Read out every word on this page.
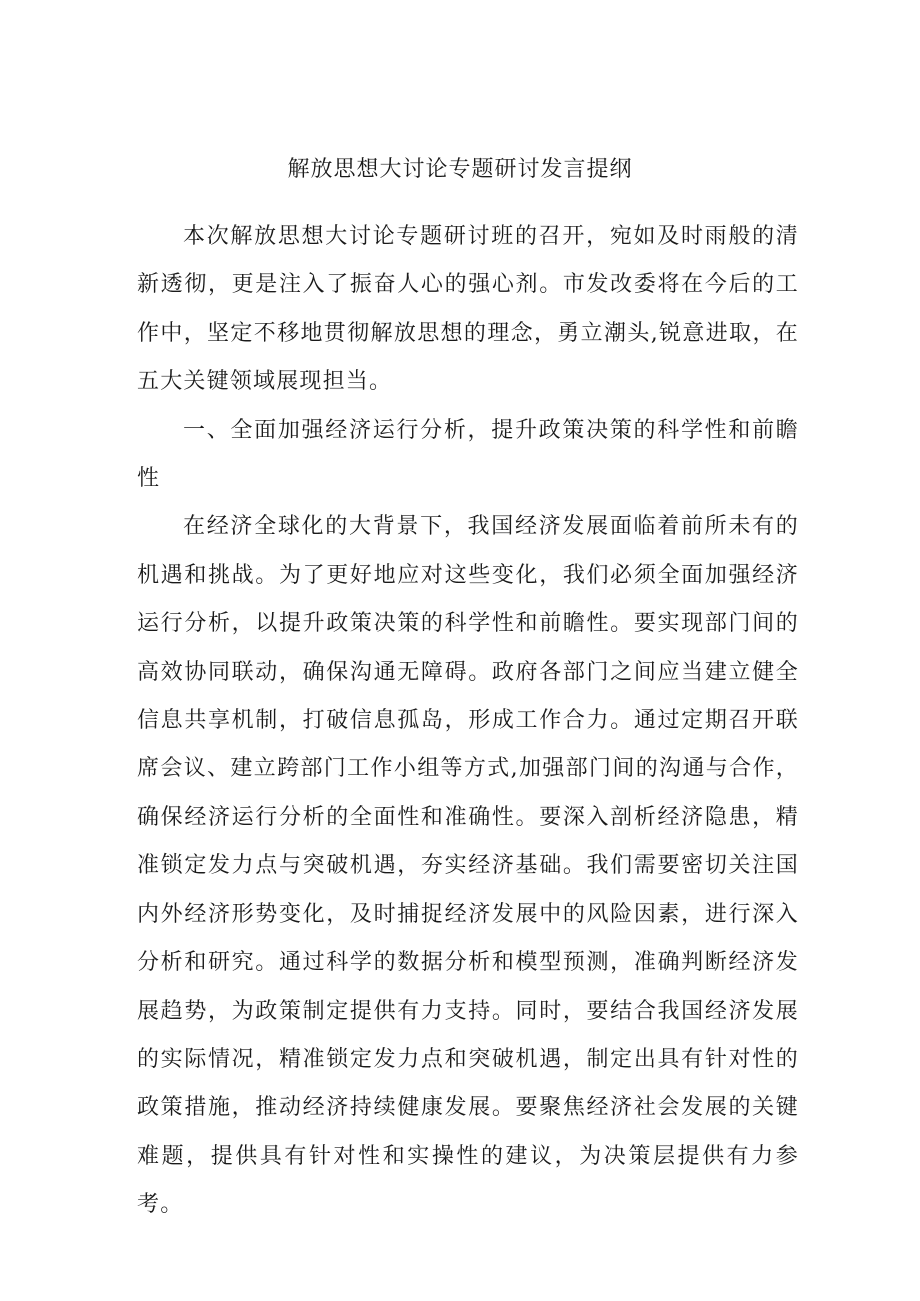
解放思想大讨论专题研讨发言提纲

本次解放思想大讨论专题研讨班的召开，宛如及时雨般的清新透彻，更是注入了振奋人心的强心剂。市发改委将在今后的工作中，坚定不移地贯彻解放思想的理念，勇立潮头,锐意进取，在五大关键领域展现担当。

一、全面加强经济运行分析，提升政策决策的科学性和前瞻性

在经济全球化的大背景下，我国经济发展面临着前所未有的机遇和挑战。为了更好地应对这些变化，我们必须全面加强经济运行分析，以提升政策决策的科学性和前瞻性。要实现部门间的高效协同联动，确保沟通无障碍。政府各部门之间应当建立健全信息共享机制，打破信息孤岛，形成工作合力。通过定期召开联席会议、建立跨部门工作小组等方式,加强部门间的沟通与合作，确保经济运行分析的全面性和准确性。要深入剖析经济隐患，精准锁定发力点与突破机遇，夯实经济基础。我们需要密切关注国内外经济形势变化，及时捕捉经济发展中的风险因素，进行深入分析和研究。通过科学的数据分析和模型预测，准确判断经济发展趋势，为政策制定提供有力支持。同时，要结合我国经济发展的实际情况，精准锁定发力点和突破机遇，制定出具有针对性的政策措施，推动经济持续健康发展。要聚焦经济社会发展的关键难题，提供具有针对性和实操性的建议，为决策层提供有力参考。
